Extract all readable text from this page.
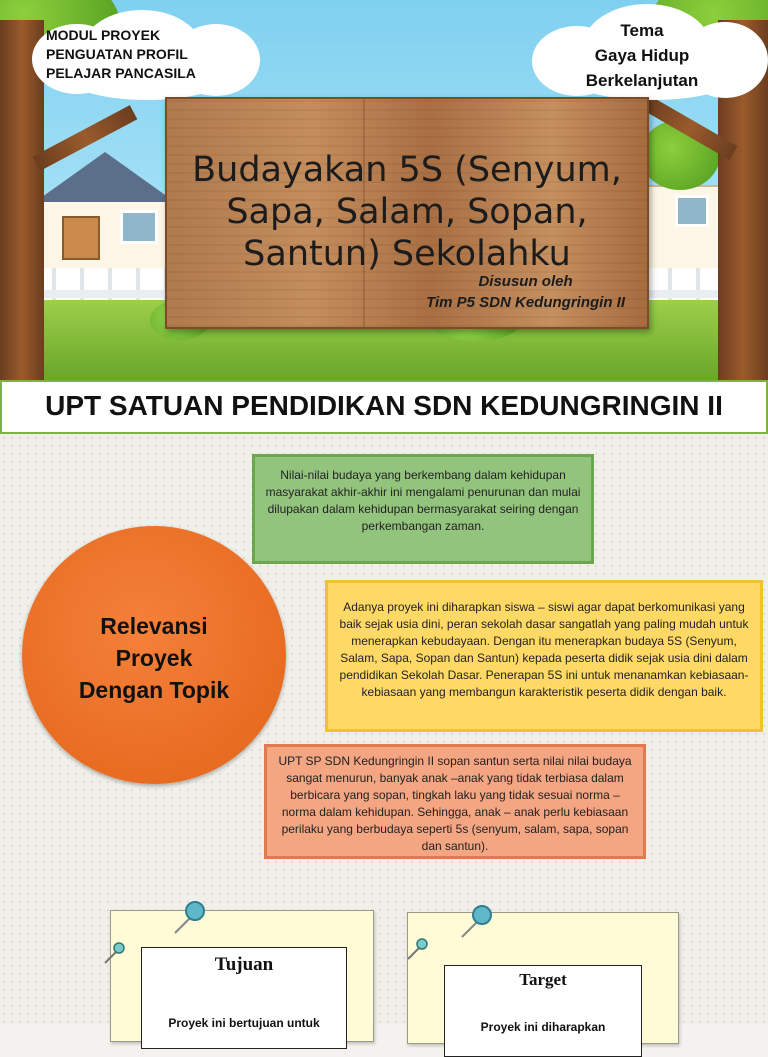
MODUL PROYEK
PENGUATAN PROFIL
PELAJAR PANCASILA
Tema
Gaya Hidup
Berkelanjutan
Budayakan 5S (Senyum,
Sapa, Salam, Sopan,
Santun) Sekolahku
Disusun oleh
Tim P5 SDN Kedungringin II
UPT SATUAN PENDIDIKAN SDN KEDUNGRINGIN II
Nilai-nilai budaya yang berkembang dalam kehidupan masyarakat akhir-akhir ini mengalami penurunan dan mulai dilupakan dalam kehidupan bermasyarakat seiring dengan perkembangan zaman.
Adanya proyek ini diharapkan siswa – siswi agar dapat berkomunikasi yang baik sejak usia dini, peran sekolah dasar sangatlah yang paling mudah untuk menerapkan kebudayaan. Dengan itu menerapkan budaya 5S (Senyum, Salam, Sapa, Sopan dan Santun) kepada peserta didik sejak usia dini dalam pendidikan Sekolah Dasar. Penerapan 5S ini untuk menanamkan kebiasaan-kebiasaan yang membangun karakteristik peserta didik dengan baik.
UPT SP SDN Kedungringin II sopan santun serta nilai nilai budaya sangat menurun, banyak anak –anak yang tidak terbiasa dalam berbicara yang sopan, tingkah laku yang tidak sesuai norma – norma dalam kehidupan. Sehingga, anak – anak perlu kebiasaan perilaku yang berbudaya seperti 5s (senyum, salam, sapa, sopan dan santun).
Relevansi
Proyek
Dengan Topik
Tujuan
Proyek ini bertujuan untuk
Target
Proyek ini diharapkan
